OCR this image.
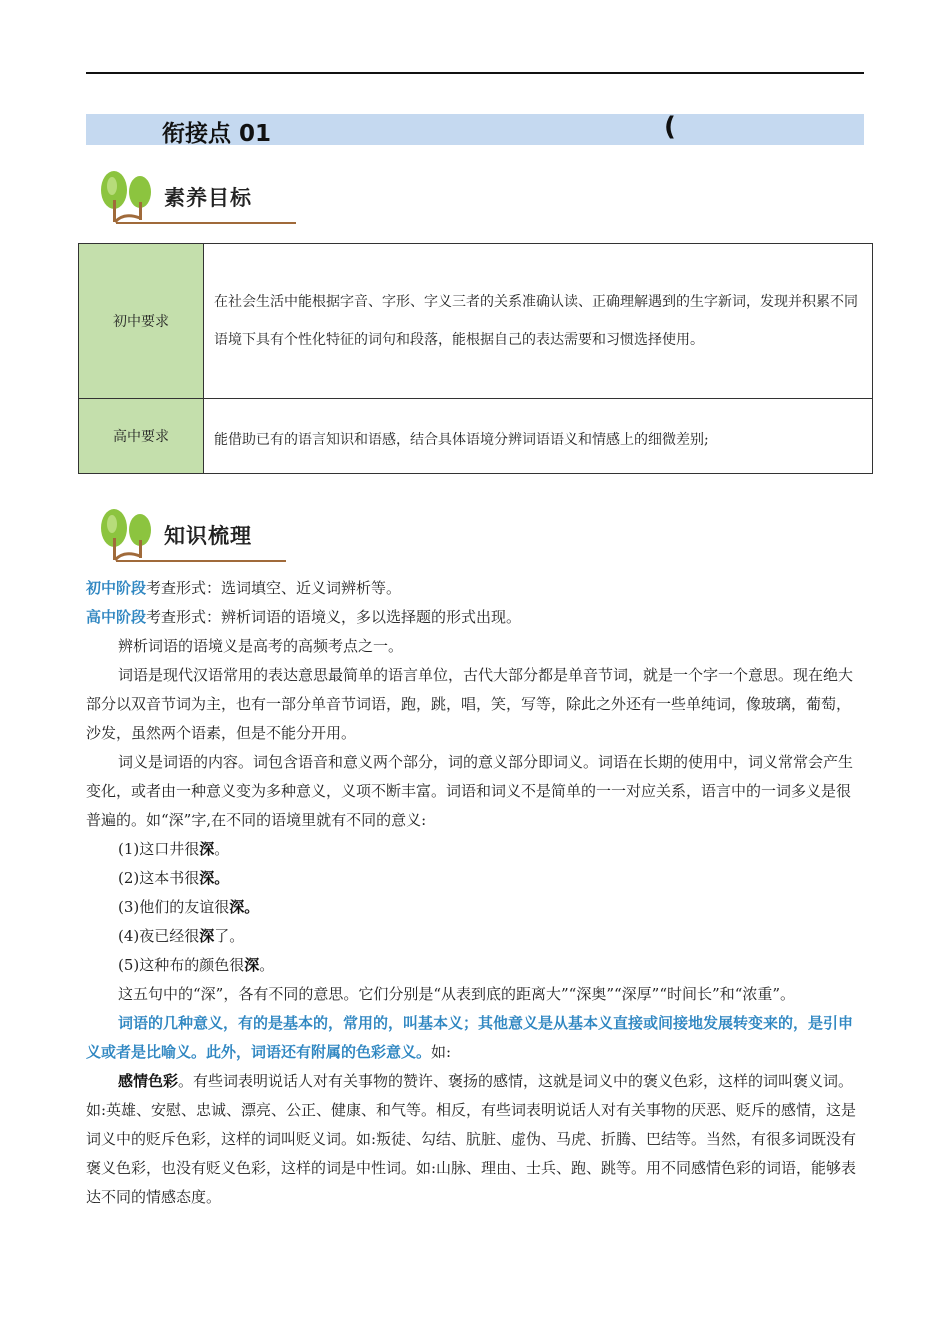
衔接点 01	(
素养目标
初中要求	在社会生活中能根据字音、字形、字义三者的关系准确认读、正确理解遇到的生字新词，发现并积累不同语境下具有个性化特征的词句和段落，能根据自己的表达需要和习惯选择使用。
高中要求	能借助已有的语言知识和语感，结合具体语境分辨词语语义和情感上的细微差别;
知识梳理

初中阶段考查形式：选词填空、近义词辨析等。

高中阶段考查形式：辨析词语的语境义，多以选择题的形式出现。

辨析词语的语境义是高考的高频考点之一。

词语是现代汉语常用的表达意思最简单的语言单位，古代大部分都是单音节词，就是一个字一个意思。现在绝大部分以双音节词为主，也有一部分单音节词语，跑，跳，唱，笑，写等，除此之外还有一些单纯词，像玻璃，葡萄，沙发，虽然两个语素，但是不能分开用。

词义是词语的内容。词包含语音和意义两个部分，词的意义部分即词义。词语在长期的使用中，词义常常会产生变化，或者由一种意义变为多种意义，义项不断丰富。词语和词义不是简单的一一对应关系，语言中的一词多义是很普遍的。如“深”字,在不同的语境里就有不同的意义:

(1)这口井很深。

(2)这本书很深。

(3)他们的友谊很深。

(4)夜已经很深了。

(5)这种布的颜色很深。

这五句中的“深”，各有不同的意思。它们分别是“从表到底的距离大”“深奥”“深厚”“时间长”和“浓重”。

词语的几种意义，有的是基本的，常用的，叫基本义；其他意义是从基本义直接或间接地发展转变来的，是引申义或者是比喻义。此外，词语还有附属的色彩意义。如:

感情色彩。有些词表明说话人对有关事物的赞许、褒扬的感情，这就是词义中的褒义色彩，这样的词叫褒义词。如:英雄、安慰、忠诚、漂亮、公正、健康、和气等。相反，有些词表明说话人对有关事物的厌恶、贬斥的感情，这是词义中的贬斥色彩，这样的词叫贬义词。如:叛徒、勾结、肮脏、虚伪、马虎、折腾、巴结等。当然，有很多词既没有褒义色彩，也没有贬义色彩，这样的词是中性词。如:山脉、理由、士兵、跑、跳等。用不同感情色彩的词语，能够表达不同的情感态度。
